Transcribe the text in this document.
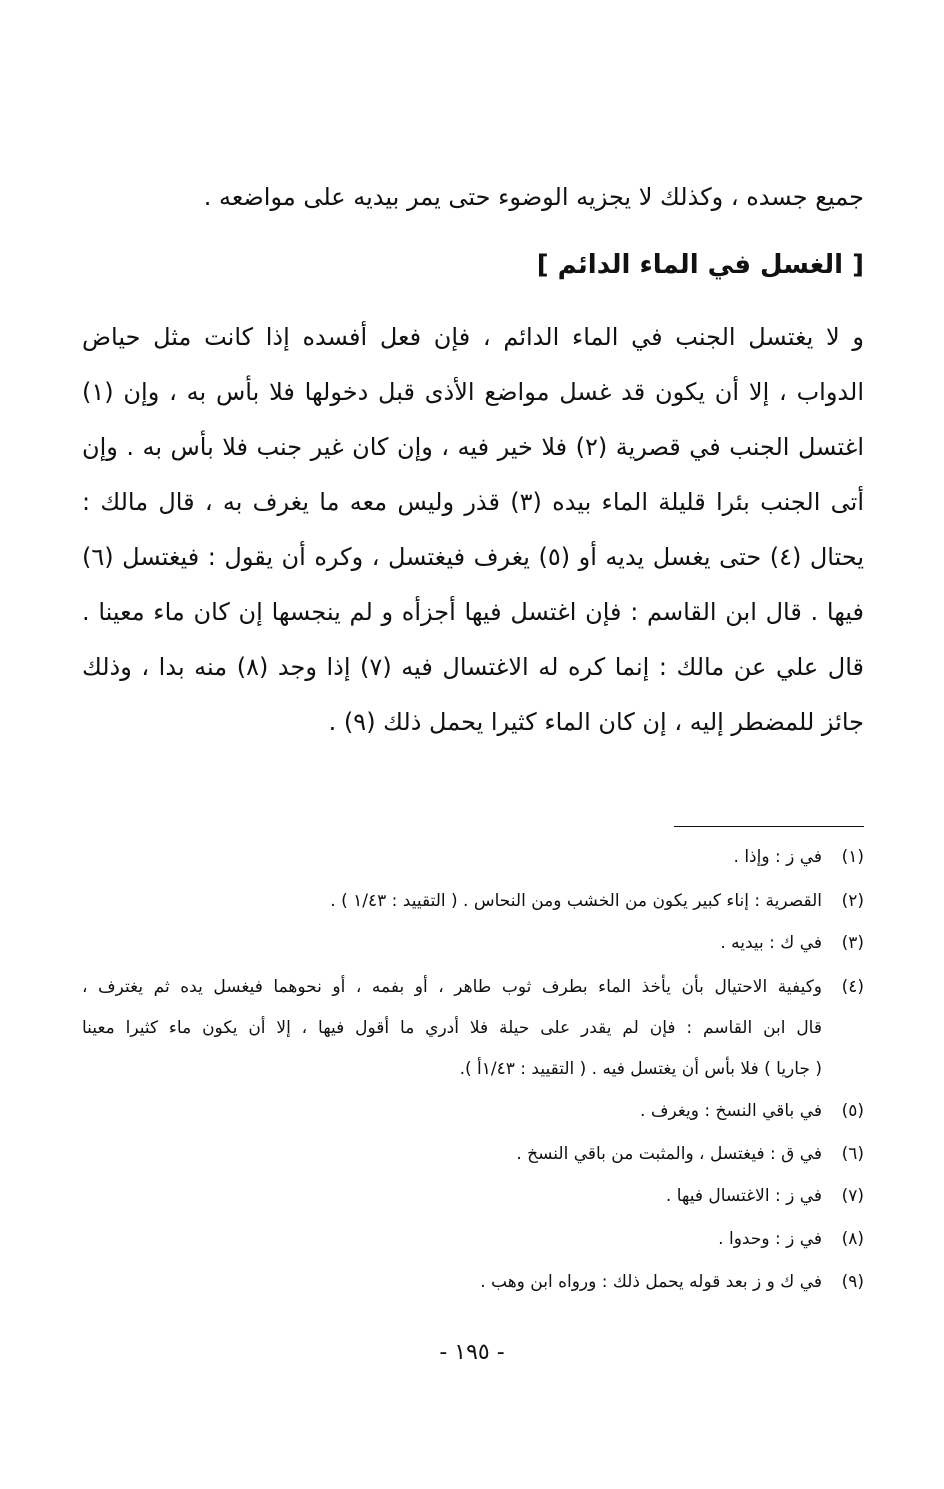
جميع جسده ، وكذلك لا يجزيه الوضوء حتى يمر بيديه على مواضعه .
[ الغسل في الماء الدائم ]
و لا يغتسل الجنب في الماء الدائم ، فإن فعل أفسده إذا كانت مثل حياض
الدواب ، إلا أن يكون قد غسل مواضع الأذى قبل دخولها فلا بأس به ، وإن (١)
اغتسل الجنب في قصرية (٢) فلا خير فيه ، وإن كان غير جنب فلا بأس به . وإن
أتى الجنب بئرا قليلة الماء بيده (٣) قذر وليس معه ما يغرف به ، قال مالك :
يحتال (٤) حتى يغسل يديه أو (٥) يغرف فيغتسل ، وكره أن يقول : فيغتسل (٦)
فيها . قال ابن القاسم : فإن اغتسل فيها أجزأه و لم ينجسها إن كان ماء معينا .
قال علي عن مالك : إنما كره له الاغتسال فيه (٧) إذا وجد (٨) منه بدا ، وذلك
جائز للمضطر إليه ، إن كان الماء كثيرا يحمل ذلك (٩) .
(١)في ز : وإذا .
(٢)القصرية : إناء كبير يكون من الخشب ومن النحاس . ( التقييد : ١/٤٣ ) .
(٣)في ك : بيديه .
(٤)وكيفية الاحتيال بأن يأخذ الماء بطرف ثوب طاهر ، أو بفمه ، أو نحوهما فيغسل يده ثم يغترف ،
قال ابن القاسم : فإن لم يقدر على حيلة فلا أدري ما أقول فيها ، إلا أن يكون ماء كثيرا معينا
( جاريا ) فلا بأس أن يغتسل فيه . ( التقييد : ١/٤٣أ ).
(٥)في باقي النسخ : ويغرف .
(٦)في ق : فيغتسل ، والمثبت من باقي النسخ .
(٧)في ز : الاغتسال فيها .
(٨)في ز : وحدوا .
(٩)في ك و ز بعد قوله يحمل ذلك : ورواه ابن وهب .
- ١٩٥ -
